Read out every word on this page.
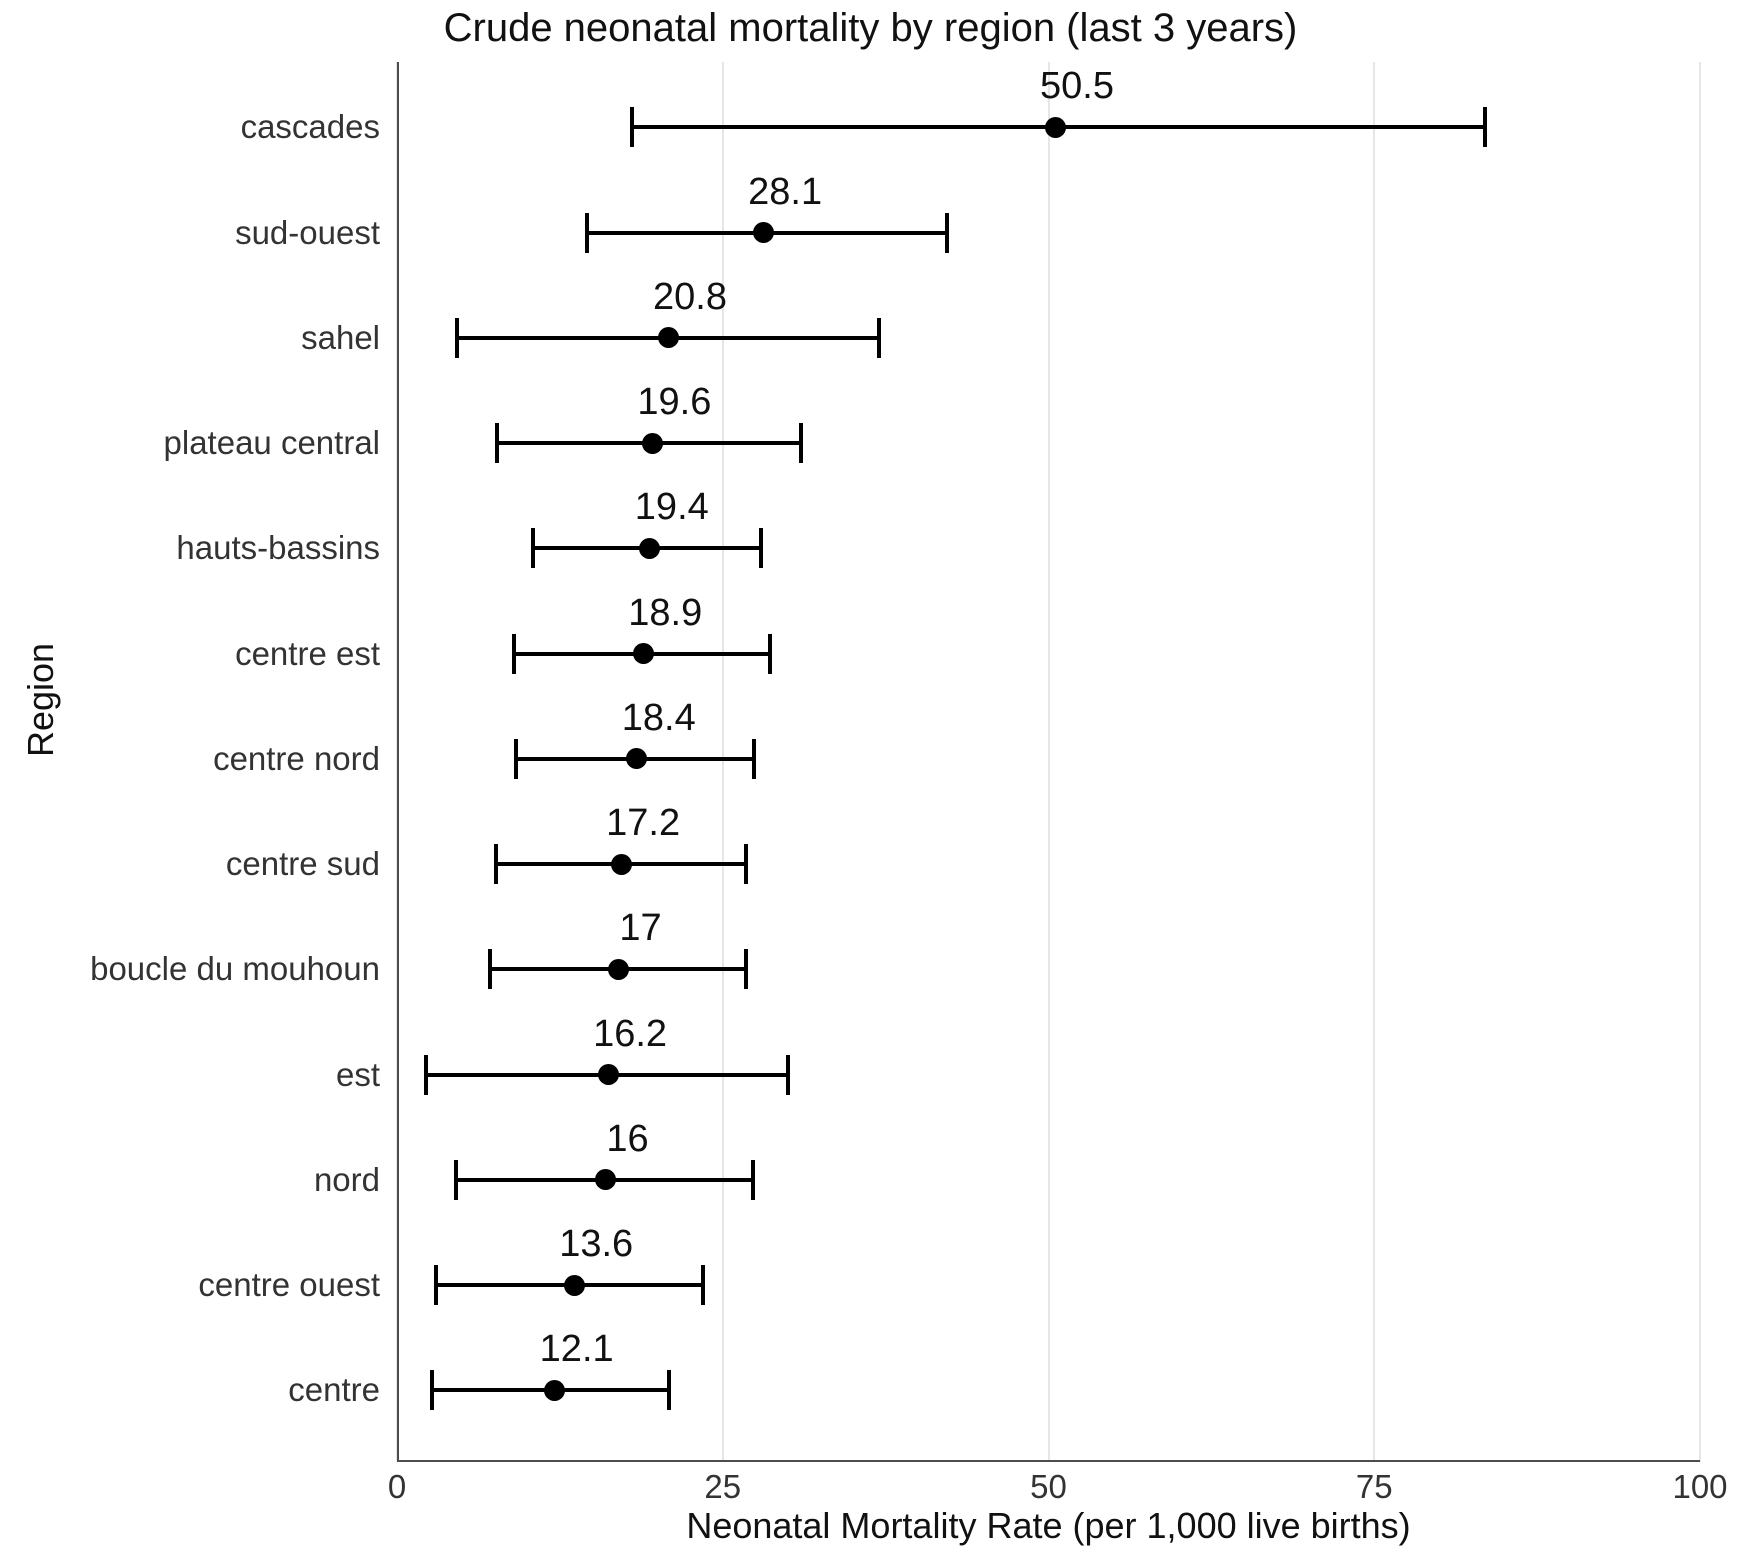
Crude neonatal mortality by region (last 3 years)
Region
cascades
sud-ouest
sahel
plateau central
hauts-bassins
centre est
centre nord
centre sud
boucle du mouhoun
est
nord
centre ouest
centre
50.5
28.1
20.8
19.6
19.4
18.9
18.4
17.2
17
16.2
16
13.6
12.1
0	25	50	75	100
Neonatal Mortality Rate (per 1,000 live births)
